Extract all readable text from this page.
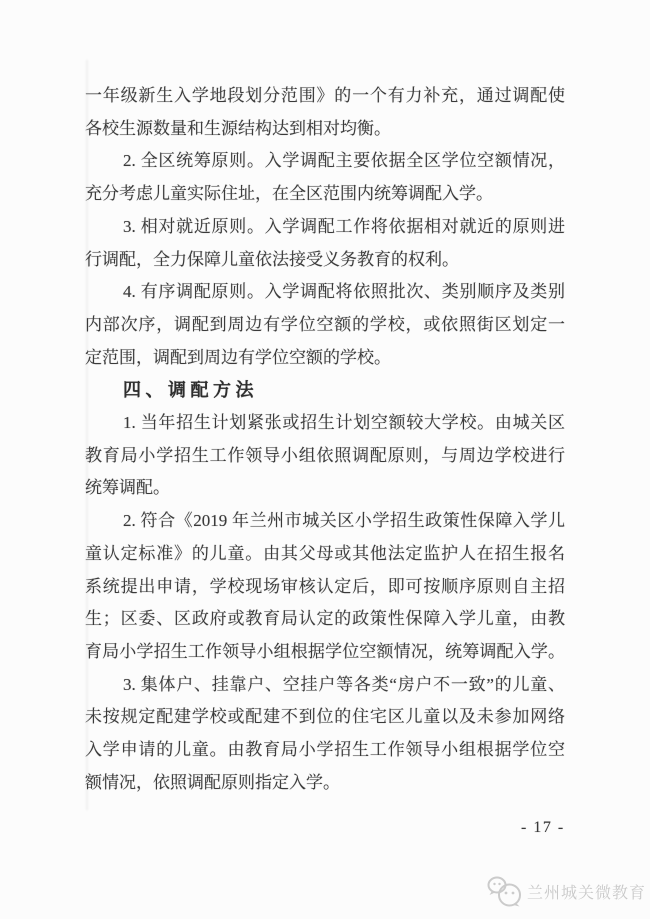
一年级新生入学地段划分范围》的一个有力补充，通过调配使
各校生源数量和生源结构达到相对均衡。
2. 全区统筹原则。入学调配主要依据全区学位空额情况，
充分考虑儿童实际住址，在全区范围内统筹调配入学。
3. 相对就近原则。入学调配工作将依据相对就近的原则进
行调配，全力保障儿童依法接受义务教育的权利。
4. 有序调配原则。入学调配将依照批次、类别顺序及类别
内部次序，调配到周边有学位空额的学校，或依照街区划定一
定范围，调配到周边有学位空额的学校。
四、调配方法
1. 当年招生计划紧张或招生计划空额较大学校。由城关区
教育局小学招生工作领导小组依照调配原则，与周边学校进行
统筹调配。
2. 符合《2019 年兰州市城关区小学招生政策性保障入学儿
童认定标准》的儿童。由其父母或其他法定监护人在招生报名
系统提出申请，学校现场审核认定后，即可按顺序原则自主招
生；区委、区政府或教育局认定的政策性保障入学儿童，由教
育局小学招生工作领导小组根据学位空额情况，统筹调配入学。
3. 集体户、挂靠户、空挂户等各类“房户不一致”的儿童、
未按规定配建学校或配建不到位的住宅区儿童以及未参加网络
入学申请的儿童。由教育局小学招生工作领导小组根据学位空
额情况，依照调配原则指定入学。
- 17 -
兰州城关微教育
